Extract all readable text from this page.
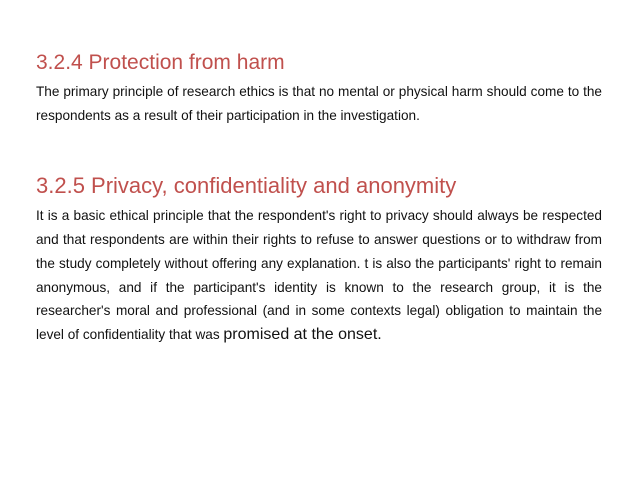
3.2.4 Protection from harm

The primary principle of research ethics is that no mental or physical harm should come to the respondents as a result of their participation in the investigation.

3.2.5 Privacy, confidentiality and anonymity

It is a basic ethical principle that the respondent's right to privacy should always be respected and that respondents are within their rights to refuse to answer questions or to withdraw from the study completely without offering any explanation. t is also the participants' right to remain anonymous, and if the participant's identity is known to the research group, it is the researcher's moral and professional (and in some contexts legal) obligation to maintain the level of confidentiality that was promised at the onset.
